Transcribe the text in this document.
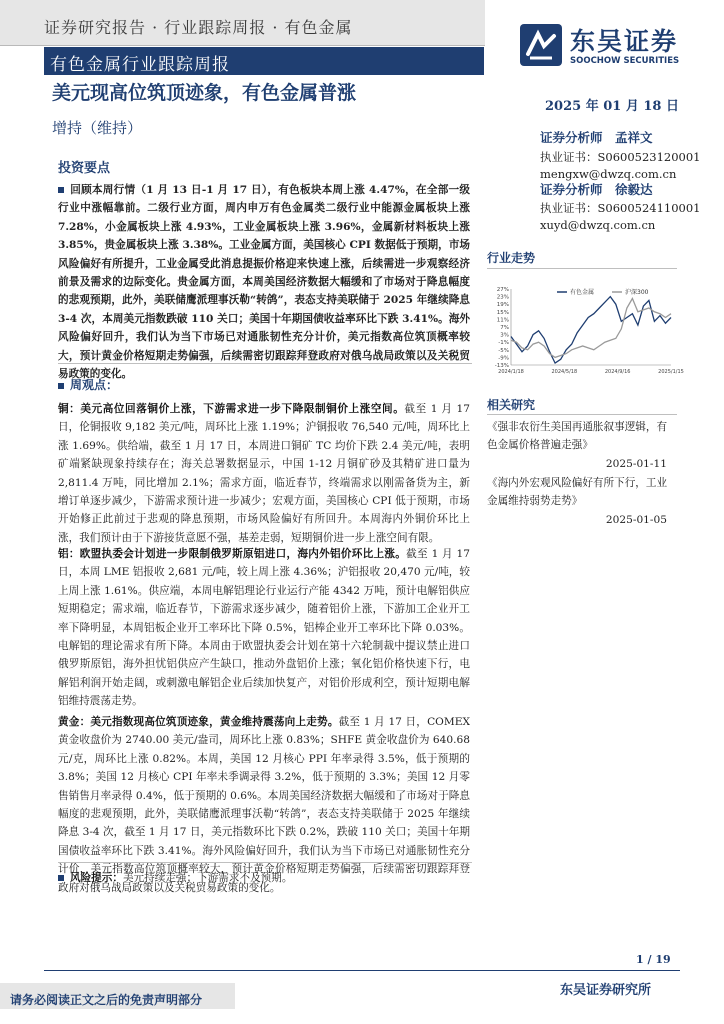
证券研究报告 · 行业跟踪周报 · 有色金属
有色金属行业跟踪周报
东吴证券
SOOCHOW SECURITIES
美元现高位筑顶迹象，有色金属普涨
增持（维持）
2025 年 01 月 18 日
证券分析师　孟祥文
执业证书：S0600523120001
mengxw@dwzq.com.cn
证券分析师　徐毅达
执业证书：S0600524110001
xuyd@dwzq.com.cn
投资要点
回顾本周行情（1 月 13 日-1 月 17 日），有色板块本周上涨 4.47%，在全部一级行业中涨幅靠前。二级行业方面，周内申万有色金属类二级行业中能源金属板块上涨 7.28%，小金属板块上涨 4.93%，工业金属板块上涨 3.96%，金属新材料板块上涨 3.85%，贵金属板块上涨 3.38%。工业金属方面，美国核心 CPI 数据低于预期，市场风险偏好有所提升，工业金属受此消息提振价格迎来快速上涨，后续需进一步观察经济前景及需求的边际变化。贵金属方面，本周美国经济数据大幅缓和了市场对于降息幅度的悲观预期，此外，美联储鹰派理事沃勒“转鸽”，表态支持美联储于 2025 年继续降息 3-4 次，本周美元指数跌破 110 关口；美国十年期国债收益率环比下跌 3.41%。海外风险偏好回升，我们认为当下市场已对通胀韧性充分计价，美元指数高位筑顶概率较大，预计黄金价格短期走势偏强，后续需密切跟踪拜登政府对俄乌战局政策以及关税贸易政策的变化。
周观点：
铜：美元高位回落铜价上涨，下游需求进一步下降限制铜价上涨空间。截至 1 月 17 日，伦铜报收 9,182 美元/吨，周环比上涨 1.19%；沪铜报收 76,540 元/吨，周环比上涨 1.69%。供给端，截至 1 月 17 日，本周进口铜矿 TC 均价下跌 2.4 美元/吨，表明矿端紧缺现象持续存在；海关总署数据显示，中国 1-12 月铜矿砂及其精矿进口量为 2,811.4 万吨，同比增加 2.1%；需求方面，临近春节，终端需求以刚需备货为主，新增订单逐步减少，下游需求预计进一步减少；宏观方面，美国核心 CPI 低于预期，市场开始修正此前过于悲观的降息预期，市场风险偏好有所回升。本周海内外铜价环比上涨，我们预计由于下游接货意愿不强，基差走弱，短期铜价进一步上涨空间有限。
铝：欧盟执委会计划进一步限制俄罗斯原铝进口，海内外铝价环比上涨。截至 1 月 17 日，本周 LME 铝报收 2,681 元/吨，较上周上涨 4.36%；沪铝报收 20,470 元/吨，较上周上涨 1.61%。供应端，本周电解铝理论行业运行产能 4342 万吨，预计电解铝供应短期稳定；需求端，临近春节，下游需求逐步减少，随着铝价上涨，下游加工企业开工率下降明显，本周铝板企业开工率环比下降 0.5%，铝棒企业开工率环比下降 0.03%。电解铝的理论需求有所下降。本周由于欧盟执委会计划在第十六轮制裁中提议禁止进口俄罗斯原铝，海外担忧铝供应产生缺口，推动外盘铝价上涨；氧化铝价格快速下行，电解铝利润开始走阔，或刺激电解铝企业后续加快复产，对铝价形成利空，预计短期电解铝维持震荡走势。
黄金：美元指数现高位筑顶迹象，黄金维持震荡向上走势。截至 1 月 17 日，COMEX 黄金收盘价为 2740.00 美元/盎司，周环比上涨 0.83%；SHFE 黄金收盘价为 640.68 元/克，周环比上涨 0.82%。本周，美国 12 月核心 PPI 年率录得 3.5%，低于预期的 3.8%；美国 12 月核心 CPI 年率未季调录得 3.2%，低于预期的 3.3%；美国 12 月零售销售月率录得 0.4%，低于预期的 0.6%。本周美国经济数据大幅缓和了市场对于降息幅度的悲观预期，此外，美联储鹰派理事沃勒“转鸽”，表态支持美联储于 2025 年继续降息 3-4 次，截至 1 月 17 日，美元指数环比下跌 0.2%，跌破 110 关口；美国十年期国债收益率环比下跌 3.41%。海外风险偏好回升，我们认为当下市场已对通胀韧性充分计价，美元指数高位筑顶概率较大，预计黄金价格短期走势偏强，后续需密切跟踪拜登政府对俄乌战局政策以及关税贸易政策的变化。
风险提示：美元持续走强；下游需求不及预期。
行业走势
27%
23%
19%
15%
11%
7%
3%
-1%
-5%
-9%
-13%
2024/1/18	2024/5/18	2024/9/16	2025/1/15
有色金属	沪深300
相关研究
《强非农衍生美国再通胀叙事逻辑，有色金属价格普遍走强》
2025-01-11
《海内外宏观风险偏好有所下行，工业金属维持弱势走势》
2025-01-05
1 / 19
请务必阅读正文之后的免责声明部分
东吴证券研究所
